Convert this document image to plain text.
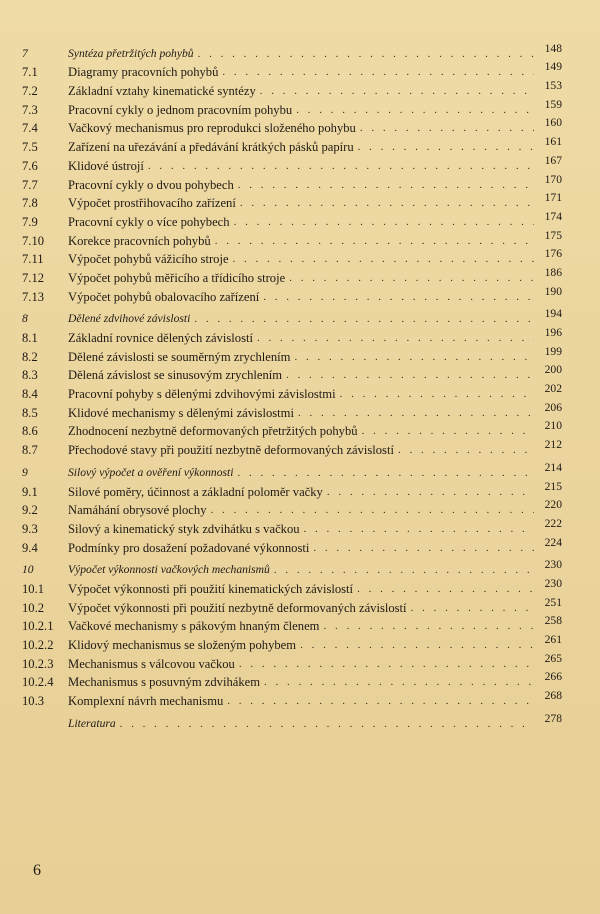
7	Syntéza přetržitých pohybů . . .	148
7.1	Diagramy pracovních pohybů . . .	149
7.2	Základní vztahy kinematické syntézy . . .	153
7.3	Pracovní cykly o jednom pracovním pohybu . . .	159
7.4	Vačkový mechanismus pro reprodukci složeného pohybu . . .	160
7.5	Zařízení na uřezávání a předávání krátkých pásků papíru . . .	161
7.6	Klidové ústrojí . . .	167
7.7	Pracovní cykly o dvou pohybech . . .	170
7.8	Výpočet prostřihovacího zařízení . . .	171
7.9	Pracovní cykly o více pohybech . . .	174
7.10	Korekce pracovních pohybů . . .	175
7.11	Výpočet pohybů vážicího stroje . . .	176
7.12	Výpočet pohybů měřicího a třídicího stroje . . .	186
7.13	Výpočet pohybů obalovacího zařízení . . .	190
8	Dělené zdvihové závislosti . . .	194
8.1	Základní rovnice dělených závislostí . . .	196
8.2	Dělené závislosti se souměrným zrychlením . . .	199
8.3	Dělená závislost se sinusovým zrychlením . . .	200
8.4	Pracovní pohyby s dělenými zdvihovými závislostmi . . .	202
8.5	Klidové mechanismy s dělenými závislostmi . . .	206
8.6	Zhodnocení nezbytně deformovaných přetržitých pohybů . . .	210
8.7	Přechodové stavy při použití nezbytně deformovaných závislostí . . .	212
9	Silový výpočet a ověření výkonnosti . . .	214
9.1	Silové poměry, účinnost a základní poloměr vačky . . .	215
9.2	Namáhání obrysové plochy . . .	220
9.3	Silový a kinematický styk zdvihátku s vačkou . . .	222
9.4	Podmínky pro dosažení požadované výkonnosti . . .	224
10	Výpočet výkonnosti vačkových mechanismů . . .	230
10.1	Výpočet výkonnosti při použití kinematických závislostí . . .	230
10.2	Výpočet výkonnosti při použití nezbytně deformovaných závislostí . . .	251
10.2.1	Vačkové mechanismy s pákovým hnaným členem . . .	258
10.2.2	Klidový mechanismus se složeným pohybem . . .	261
10.2.3	Mechanismus s válcovou vačkou . . .	265
10.2.4	Mechanismus s posuvným zdvihákem . . .	266
10.3	Komplexní návrh mechanismu . . .	268
Literatura . . .	278
6
